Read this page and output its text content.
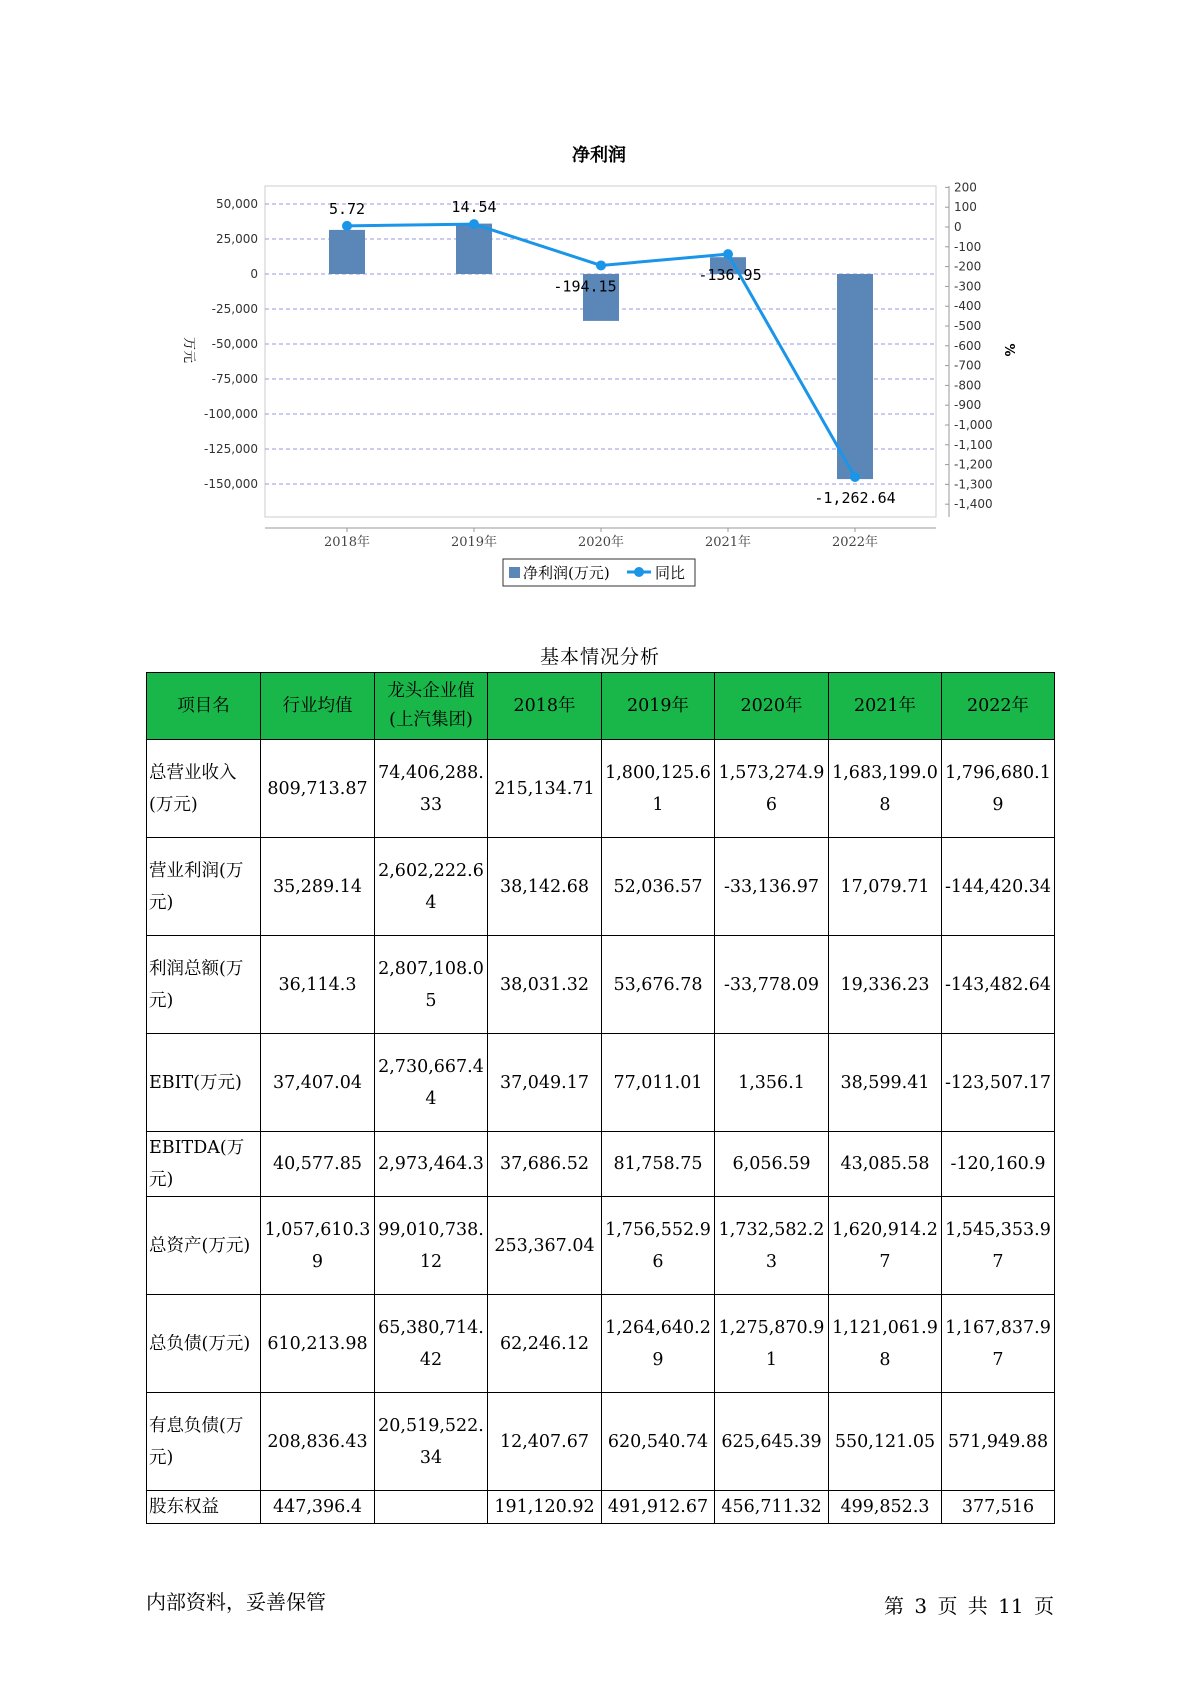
净利润
50,000
25,000
0
-25,000
-50,000
-75,000
-100,000
-125,000
-150,000
200
100
0
-100
-200
-300
-400
-500
-600
-700
-800
-900
-1,000
-1,100
-1,200
-1,300
-1,400
2018年	2019年	2020年	2021年	2022年
5.72	14.54
-194.15
-136.95
-1,262.64
万元	%
净利润(万元)	同比
基本情况分析
项目名	行业均值	龙头企业值(上汽集团)	2018年	2019年	2020年	2021年	2022年
总营业收入(万元)	809,713.87	74,406,288.33	215,134.71	1,800,125.61	1,573,274.96	1,683,199.08	1,796,680.19
营业利润(万元)	35,289.14	2,602,222.64	38,142.68	52,036.57	-33,136.97	17,079.71	-144,420.34
利润总额(万元)	36,114.3	2,807,108.05	38,031.32	53,676.78	-33,778.09	19,336.23	-143,482.64
EBIT(万元)	37,407.04	2,730,667.44	37,049.17	77,011.01	1,356.1	38,599.41	-123,507.17
EBITDA(万元)	40,577.85	2,973,464.3	37,686.52	81,758.75	6,056.59	43,085.58	-120,160.9
总资产(万元)	1,057,610.39	99,010,738.12	253,367.04	1,756,552.96	1,732,582.23	1,620,914.27	1,545,353.97
总负债(万元)	610,213.98	65,380,714.42	62,246.12	1,264,640.29	1,275,870.91	1,121,061.98	1,167,837.97
有息负债(万元)	208,836.43	20,519,522.34	12,407.67	620,540.74	625,645.39	550,121.05	571,949.88
股东权益	447,396.4		191,120.92	491,912.67	456,711.32	499,852.3	377,516
内部资料，妥善保管	第 3 页 共 11 页
